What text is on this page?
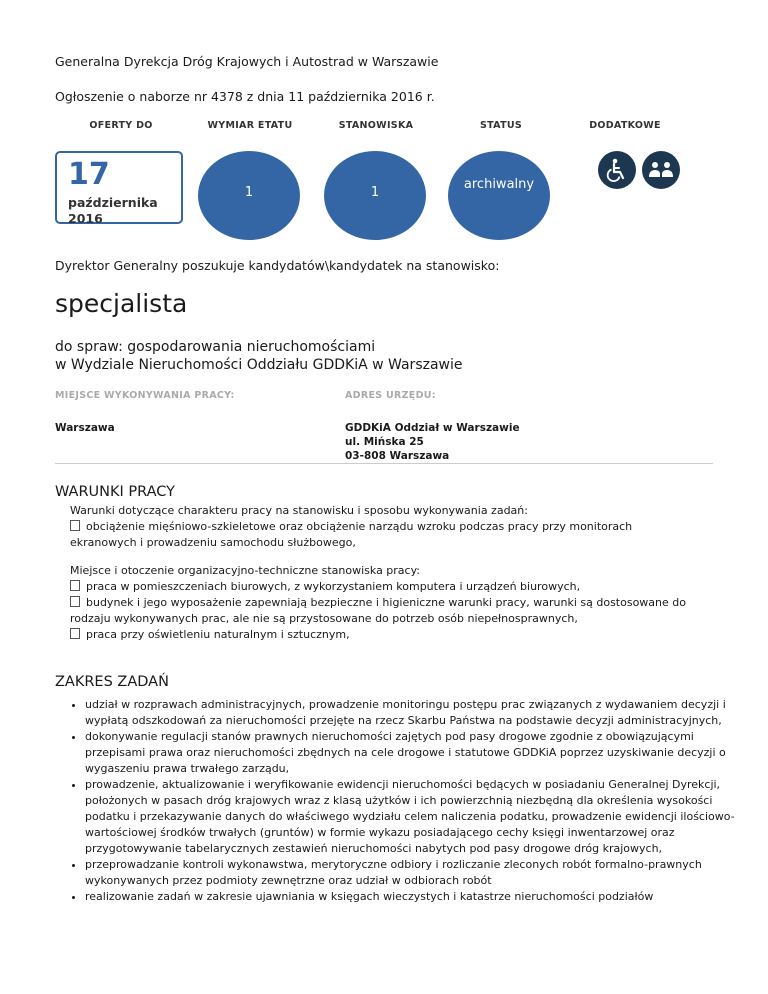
Generalna Dyrekcja Dróg Krajowych i Autostrad w Warszawie
Ogłoszenie o naborze nr 4378 z dnia 11 października 2016 r.
OFERTY DO	WYMIAR ETATU	STANOWISKA	STATUS	DODATKOWE
17
października
2016
1	1
archiwalny
Dyrektor Generalny poszukuje kandydatów\kandydatek na stanowisko:
specjalista
do spraw: gospodarowania nieruchomościami
w Wydziale Nieruchomości Oddziału GDDKiA w Warszawie
MIEJSCE WYKONYWANIA PRACY:	ADRES URZĘDU:
Warszawa	GDDKiA Oddział w Warszawie
ul. Mińska 25
03-808 Warszawa
WARUNKI PRACY
Warunki dotyczące charakteru pracy na stanowisku i sposobu wykonywania zadań:
obciążenie mięśniowo-szkieletowe oraz obciążenie narządu wzroku podczas pracy przy monitorach
ekranowych i prowadzeniu samochodu służbowego,
Miejsce i otoczenie organizacyjno-techniczne stanowiska pracy:
praca w pomieszczeniach biurowych, z wykorzystaniem komputera i urządzeń biurowych,
budynek i jego wyposażenie zapewniają bezpieczne i higieniczne warunki pracy, warunki są dostosowane do
rodzaju wykonywanych prac, ale nie są przystosowane do potrzeb osób niepełnosprawnych,
praca przy oświetleniu naturalnym i sztucznym,
ZAKRES ZADAŃ
• udział w rozprawach administracyjnych, prowadzenie monitoringu postępu prac związanych z wydawaniem decyzji i wypłatą odszkodowań za nieruchomości przejęte na rzecz Skarbu Państwa na podstawie decyzji administracyjnych,
• dokonywanie regulacji stanów prawnych nieruchomości zajętych pod pasy drogowe zgodnie z obowiązującymi przepisami prawa oraz nieruchomości zbędnych na cele drogowe i statutowe GDDKiA poprzez uzyskiwanie decyzji o wygaszeniu prawa trwałego zarządu,
• prowadzenie, aktualizowanie i weryfikowanie ewidencji nieruchomości będących w posiadaniu Generalnej Dyrekcji, położonych w pasach dróg krajowych wraz z klasą użytków i ich powierzchnią niezbędną dla określenia wysokości podatku i przekazywanie danych do właściwego wydziału celem naliczenia podatku, prowadzenie ewidencji ilościowo-wartościowej środków trwałych (gruntów) w formie wykazu posiadającego cechy księgi inwentarzowej oraz przygotowywanie tabelarycznych zestawień nieruchomości nabytych pod pasy drogowe dróg krajowych,
• przeprowadzanie kontroli wykonawstwa, merytoryczne odbiory i rozliczanie zleconych robót formalno-prawnych wykonywanych przez podmioty zewnętrzne oraz udział w odbiorach robót
• realizowanie zadań w zakresie ujawniania w księgach wieczystych i katastrze nieruchomości podziałów
